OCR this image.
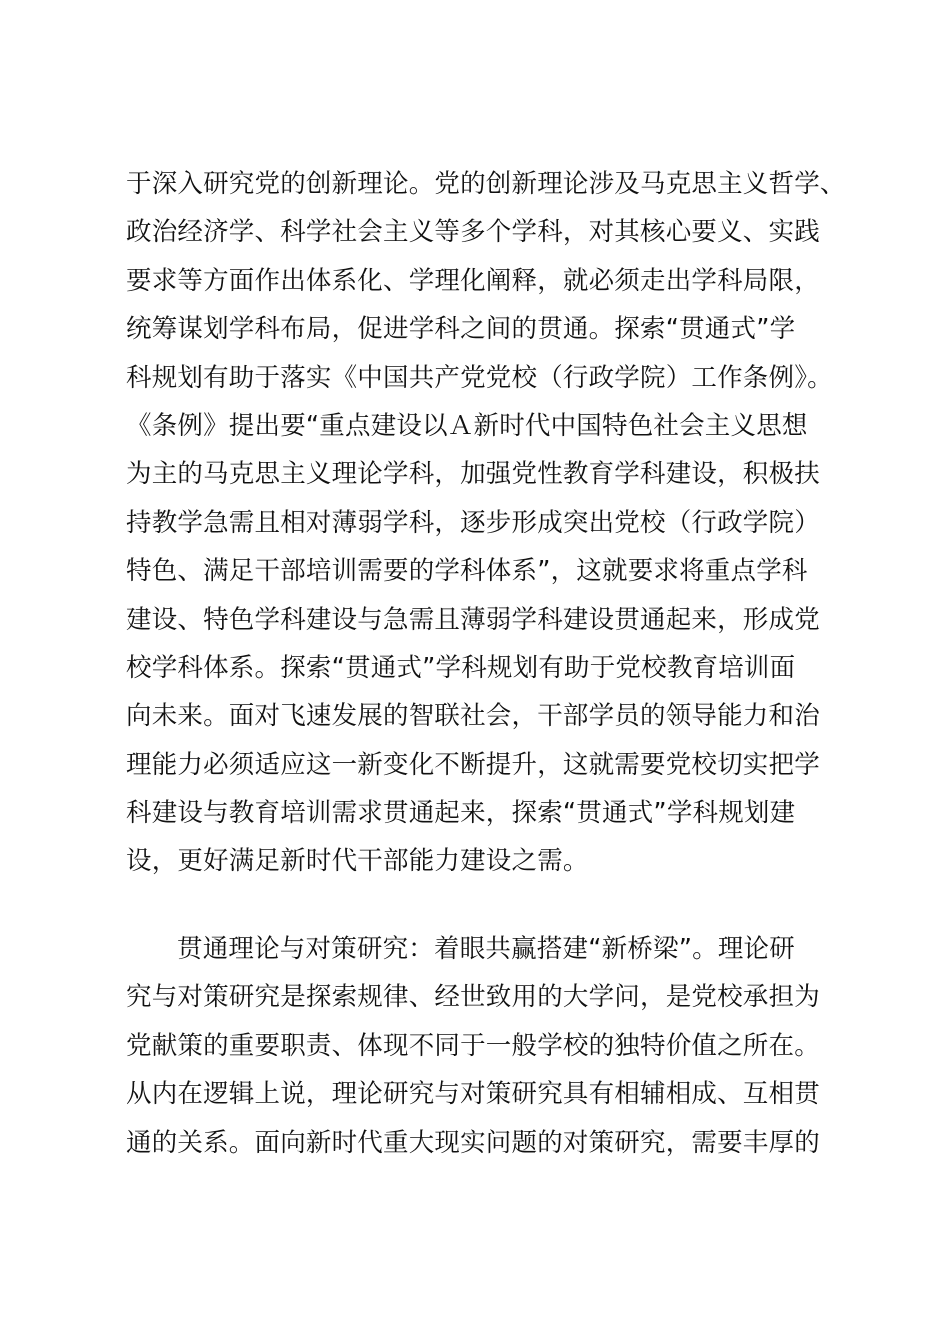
于深入研究党的创新理论。党的创新理论涉及马克思主义哲学、
政治经济学、科学社会主义等多个学科，对其核心要义、实践
要求等方面作出体系化、学理化阐释，就必须走出学科局限，
统筹谋划学科布局，促进学科之间的贯通。探索“贯通式”学
科规划有助于落实《中国共产党党校（行政学院）工作条例》。
《条例》提出要“重点建设以Ａ新时代中国特色社会主义思想
为主的马克思主义理论学科，加强党性教育学科建设，积极扶
持教学急需且相对薄弱学科，逐步形成突出党校（行政学院）
特色、满足干部培训需要的学科体系”，这就要求将重点学科
建设、特色学科建设与急需且薄弱学科建设贯通起来，形成党
校学科体系。探索“贯通式”学科规划有助于党校教育培训面
向未来。面对飞速发展的智联社会，干部学员的领导能力和治
理能力必须适应这一新变化不断提升，这就需要党校切实把学
科建设与教育培训需求贯通起来，探索“贯通式”学科规划建
设，更好满足新时代干部能力建设之需。
贯通理论与对策研究：着眼共赢搭建“新桥梁”。理论研
究与对策研究是探索规律、经世致用的大学问，是党校承担为
党献策的重要职责、体现不同于一般学校的独特价值之所在。
从内在逻辑上说，理论研究与对策研究具有相辅相成、互相贯
通的关系。面向新时代重大现实问题的对策研究，需要丰厚的
